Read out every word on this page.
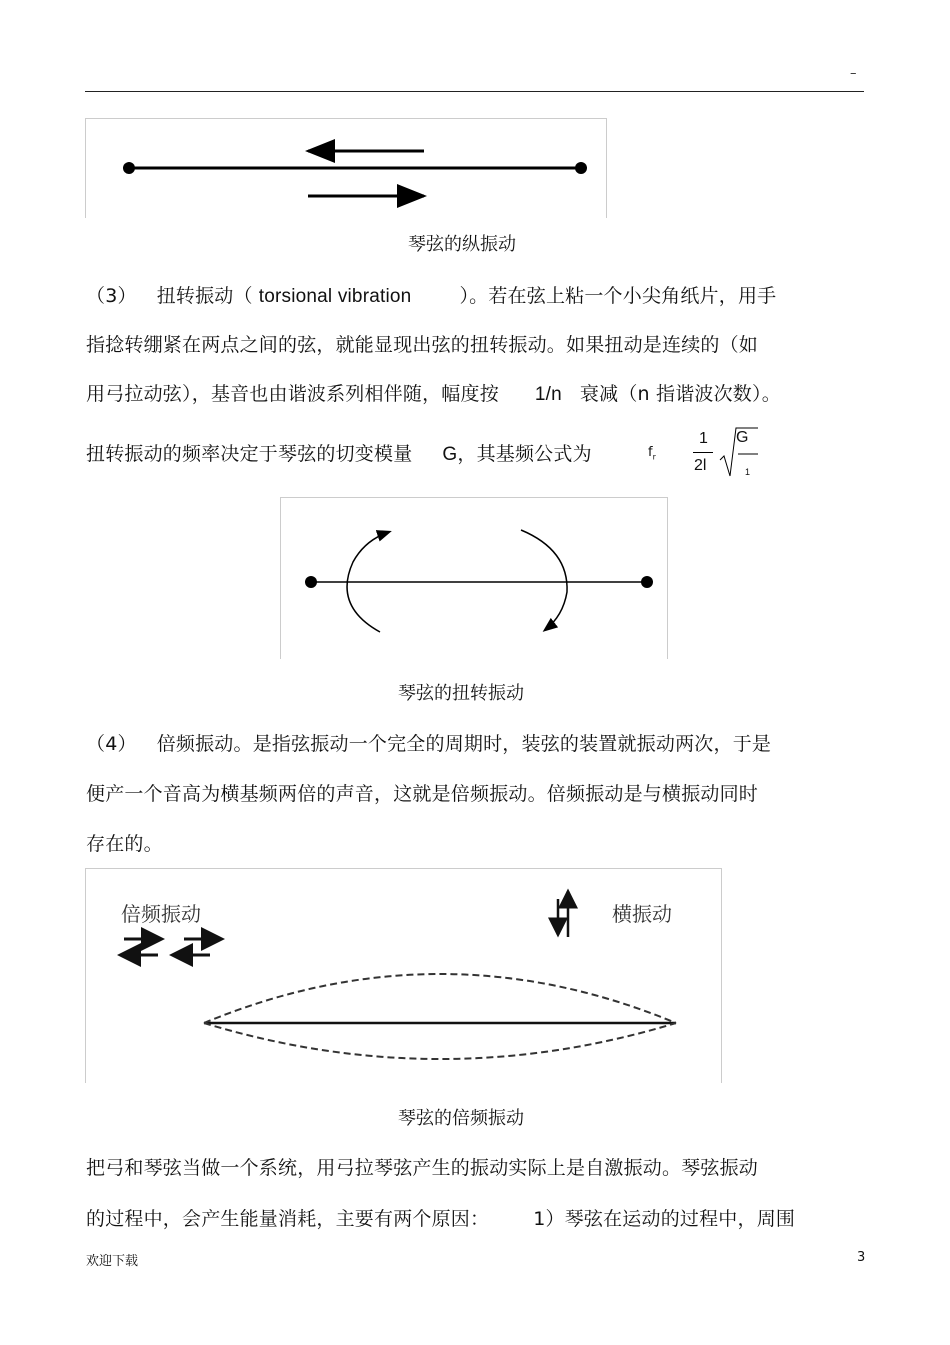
–
琴弦的纵振动
（3） 扭转振动（ torsional vibration	）。若在弦上粘一个小尖角纸片，用手
指捻转绷紧在两点之间的弦，就能显现出弦的扭转振动。如果扭动是连续的（如
用弓拉动弦），基音也由谐波系列相伴随，幅度按 1/n 衰减（n 指谐波次数）。
扭转振动的频率决定于琴弦的切变模量 G，其基频公式为	$f_r$
1
2l
G
1
琴弦的扭转振动
（4） 倍频振动。是指弦振动一个完全的周期时，装弦的装置就振动两次，于是
便产一个音高为横基频两倍的声音，这就是倍频振动。倍频振动是与横振动同时
存在的。
倍频振动	横振动
琴弦的倍频振动
把弓和琴弦当做一个系统，用弓拉琴弦产生的振动实际上是自激振动。琴弦振动
的过程中，会产生能量消耗，主要有两个原因： 1）琴弦在运动的过程中，周围
欢迎下载	3
